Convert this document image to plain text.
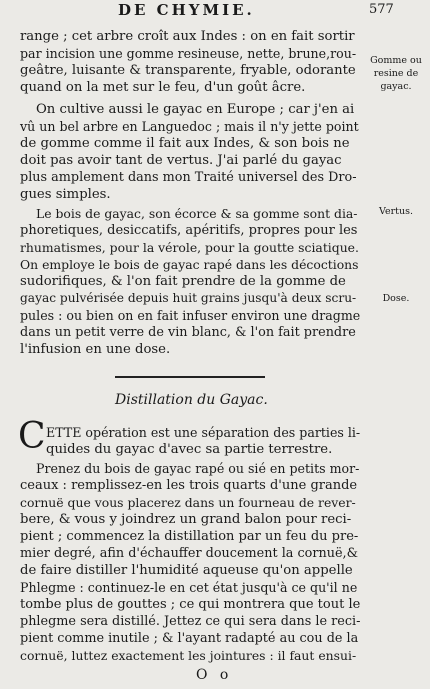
DE CHYMIE.	577
Gomme ou resine de gayac.
Vertus.
Dose.
range ; cet arbre croît aux Indes : on en fait sortir
par incision une gomme resineuse, nette, brune,rou-
geâtre, luisante & transparente, fryable, odorante
quand on la met sur le feu, d'un goût âcre.
On cultive aussi le gayac en Europe ; car j'en ai
vû un bel arbre en Languedoc ; mais il n'y jette point
de gomme comme il fait aux Indes, & son bois ne
doit pas avoir tant de vertus. J'ai parlé du gayac
plus amplement dans mon Traité universel des Dro-
gues simples.
Le bois de gayac, son écorce & sa gomme sont dia-
phoretiques, desiccatifs, apéritifs, propres pour les
rhumatismes, pour la vérole, pour la goutte sciatique.
On employe le bois de gayac rapé dans les décoctions
sudorifiques, & l'on fait prendre de la gomme de
gayac pulvérisée depuis huit grains jusqu'à deux scru-
pules : ou bien on en fait infuser environ une dragme
dans un petit verre de vin blanc, & l'on fait prendre
l'infusion en une dose.
Distillation du Gayac.
C ETTE opération est une séparation des parties li-
quides du gayac d'avec sa partie terrestre.
Prenez du bois de gayac rapé ou sié en petits mor-
ceaux : remplissez-en les trois quarts d'une grande
cornuë que vous placerez dans un fourneau de rever-
bere, & vous y joindrez un grand balon pour reci-
pient ; commencez la distillation par un feu du pre-
mier degré, afin d'échauffer doucement la cornuë,&
de faire distiller l'humidité aqueuse qu'on appelle
Phlegme : continuez-le en cet état jusqu'à ce qu'il ne
tombe plus de gouttes ; ce qui montrera que tout le
phlegme sera distillé. Jettez ce qui sera dans le reci-
pient comme inutile ; & l'ayant radapté au cou de la
cornuë, luttez exactement les jointures : il faut ensui-
O o
